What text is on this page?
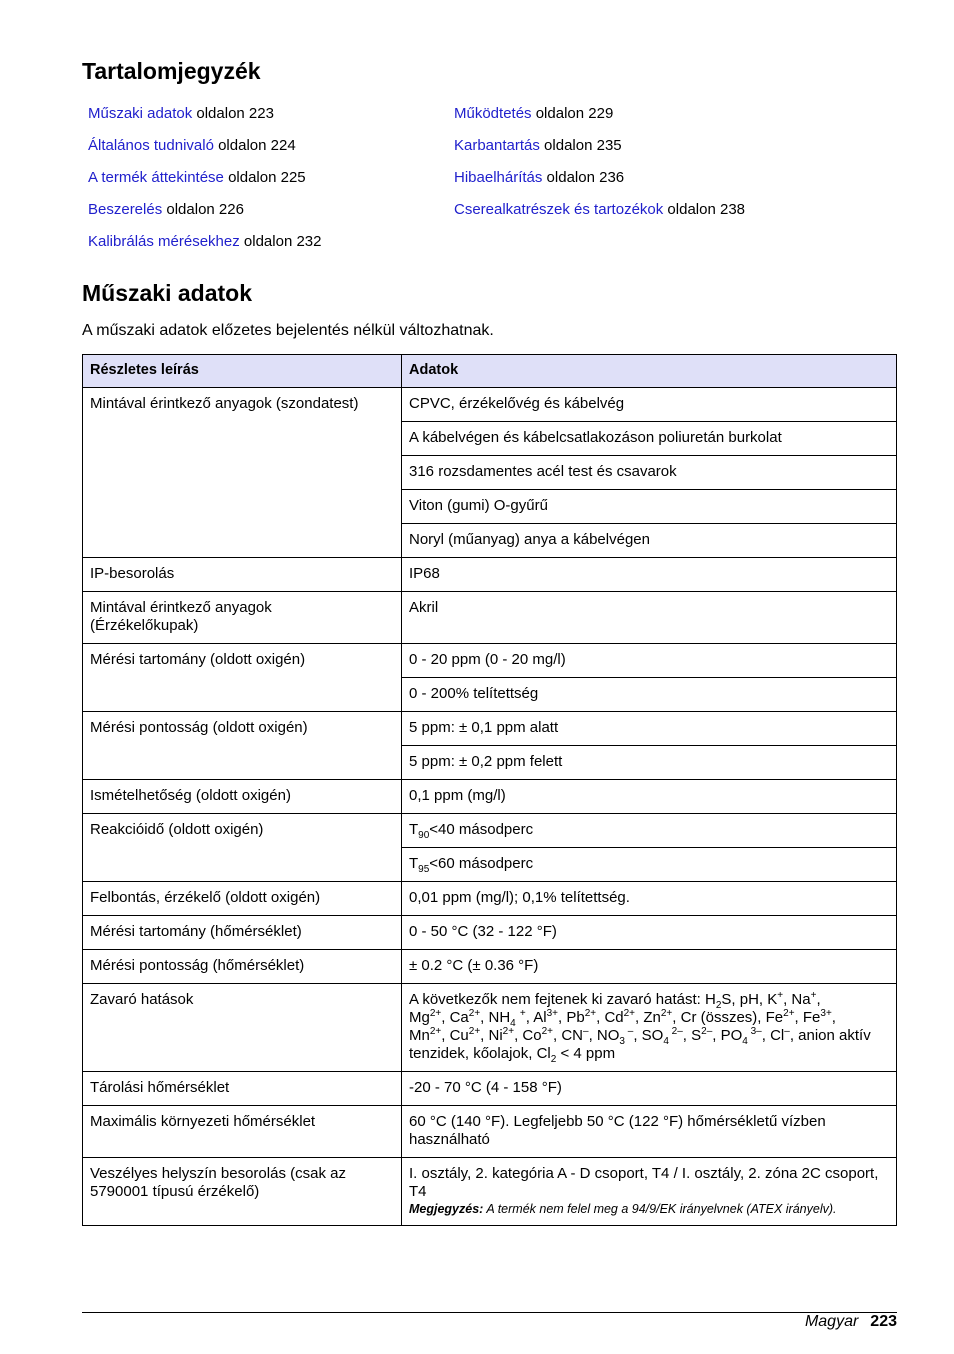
Tartalomjegyzék
Műszaki adatok oldalon 223
Általános tudnivaló oldalon 224
A termék áttekintése oldalon 225
Beszerelés oldalon 226
Kalibrálás mérésekhez oldalon 232
Működtetés oldalon 229
Karbantartás oldalon 235
Hibaelhárítás oldalon 236
Cserealkatrészek és tartozékok oldalon 238
Műszaki adatok
A műszaki adatok előzetes bejelentés nélkül változhatnak.
Részletes leírás	Adatok
Mintával érintkező anyagok (szondatest)	CPVC, érzékelővég és kábelvég
	A kábelvégen és kábelcsatlakozáson poliuretán burkolat
	316 rozsdamentes acél test és csavarok
	Viton (gumi) O-gyűrű
	Noryl (műanyag) anya a kábelvégen
IP-besorolás	IP68

Mintával érintkező anyagok (Érzékelőkupak)	Akril
Mérési tartomány (oldott oxigén)	0 - 20 ppm (0 - 20 mg/l)
	0 - 200% telítettség
Mérési pontosság (oldott oxigén)	5 ppm: ± 0,1 ppm alatt
	5 ppm: ± 0,2 ppm felett
Ismételhetőség (oldott oxigén)	0,1 ppm (mg/l)
Reakcióidő (oldott oxigén)	$T_{90}<40$ másodperc
	$T_{95}<60$ másodperc
Felbontás, érzékelő (oldott oxigén)	0,01 ppm (mg/l); 0,1% telítettség.
Mérési tartomány (hőmérséklet)	0 - 50 °C (32 - 122 °F)
Mérési pontosság (hőmérséklet)	± 0.2 °C (± 0.36 °F)
Zavaró hatások	A következők nem fejtenek ki zavaró hatást: $H_2S$, pH, K+, Na+,
$Mg^{2+}$, $Ca^{2+}$, $NH_4$ +, $Al^{3+}$, $Pb^{2+}$, $Cd^{2+}$, $Zn^{2+}$, Cr (összes), $Fe^{2+}$, $Fe^{3+}$,
$Mn^{2+}$, $Cu^{2+}$, $Ni^{2+}$, $Co^{2+}$, CN–, $NO_3$ –, $SO_4$ $^{2-}$, $S^{2-}$, $PO_4$ $^{3-}$, Cl–, anion aktív tenzidek, kőolajok, $Cl_2 < 4$ ppm
Tárolási hőmérséklet	-20 - 70 °C (4 - 158 °F)
Maximális környezeti hőmérséklet	60 °C (140 °F). Legfeljebb 50 °C (122 °F) hőmérsékletű vízben használható
Veszélyes helyszín besorolás (csak az 5790001 típusú érzékelő)	I. osztály, 2. kategória A - D csoport, T4 / I. osztály, 2. zóna 2C csoport, T4
Megjegyzés: A termék nem felel meg a 94/9/EK irányelvnek (ATEX irányelv).
Magyar 223
